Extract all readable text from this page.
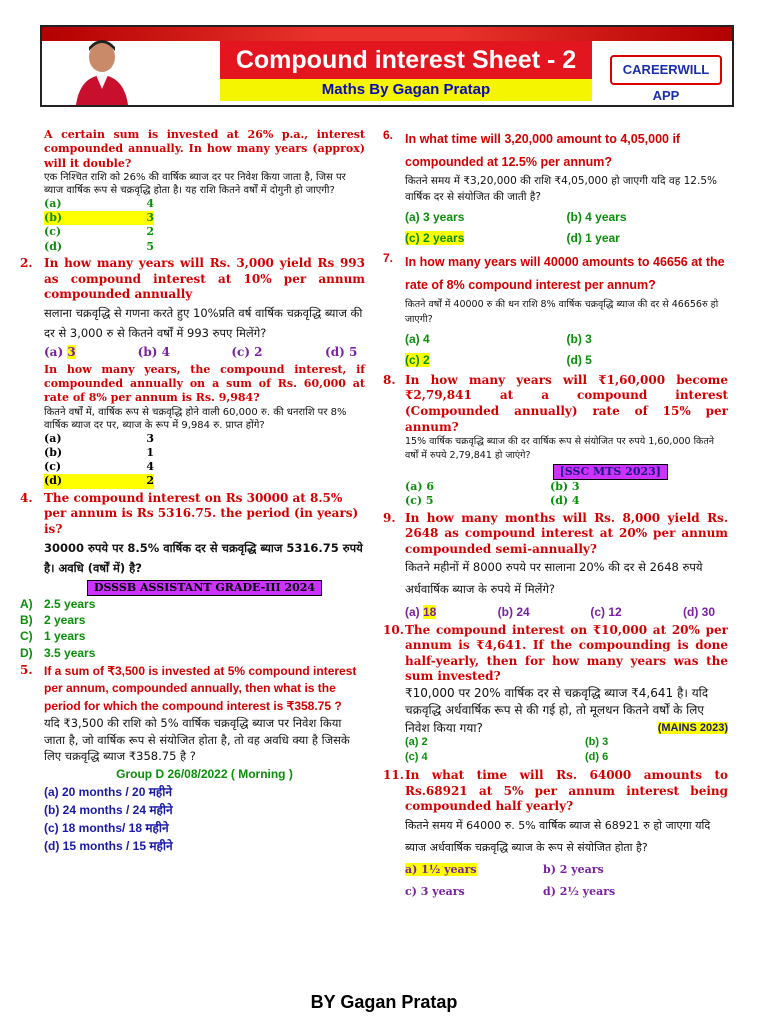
Compound interest Sheet - 2
Maths By Gagan Pratap
CAREERWILL APP
A certain sum is invested at 26% p.a., interest compounded annually. In how many years (approx) will it double?
एक निश्चित राशि को 26% की वार्षिक ब्याज दर पर निवेश किया जाता है, जिस पर ब्याज वार्षिक रूप से चक्रवृद्धि होता है। यह राशि कितने वर्षों में दोगुनी हो जाएगी?
(a)	4
(b)	3
(c)	2
(d)	5
2. In how many years will Rs. 3,000 yield Rs 993 as compound interest at 10% per annum compounded annually
सलाना चक्रवृद्धि से गणना करते हुए 10%प्रति वर्ष वार्षिक चक्रवृद्धि ब्याज की दर से 3,000 रु से कितने वर्षों में 993 रुपए मिलेंगे?
(a) 3	(b) 4	(c) 2	(d) 5
In how many years, the compound interest, if compounded annually on a sum of Rs. 60,000 at rate of 8% per annum is Rs. 9,984?
कितने वर्षों में, वार्षिक रूप से चक्रवृद्धि होने वाली 60,000 रु. की धनराशि पर 8% वार्षिक ब्याज दर पर, ब्याज के रूप में 9,984 रु. प्राप्त होंगे?
(a)	3
(b)	1
(c)	4
(d)	2
4. The compound interest on Rs 30000 at 8.5% per annum is Rs 5316.75. the period (in years) is?
30000 रुपये पर 8.5% वार्षिक दर से चक्रवृद्धि ब्याज 5316.75 रुपये है। अवधि (वर्षों में) है?
DSSSB ASSISTANT GRADE-III 2024
A) 2.5 years
B) 2 years
C) 1 years
D) 3.5 years
5. If a sum of ₹3,500 is invested at 5% compound interest per annum, compounded annually, then what is the period for which the compound interest is ₹358.75 ?
यदि ₹3,500 की राशि को 5% वार्षिक चक्रवृद्धि ब्याज पर निवेश किया जाता है, जो वार्षिक रूप से संयोजित होता है, तो वह अवधि क्या है जिसके लिए चक्रवृद्धि ब्याज ₹358.75 है ?
Group D 26/08/2022 ( Morning )
(a) 20 months / 20 महीने
(b) 24 months / 24 महीने
(c) 18 months/ 18 महीने
(d) 15 months / 15 महीने
6. In what time will 3,20,000 amount to 4,05,000 if compounded at 12.5% per annum?
कितने समय में ₹3,20,000 की राशि ₹4,05,000 हो जाएगी यदि वह 12.5% वार्षिक दर से संयोजित की जाती है?
(a) 3 years	(b) 4 years
(c) 2 years	(d) 1 year
7. In how many years will 40000 amounts to 46656 at the rate of 8% compound interest per annum?
कितने वर्षों में 40000 रु की धन राशि 8% वार्षिक चक्रवृद्धि ब्याज की दर से 46656रु हो जाएगी?
(a) 4	(b) 3
(c) 2	(d) 5
8. In how many years will ₹1,60,000 become ₹2,79,841 at a compound interest (Compounded annually) rate of 15% per annum?
15% वार्षिक चक्रवृद्धि ब्याज की दर वार्षिक रूप से संयोजित पर रुपये 1,60,000 कितने वर्षों में रुपये 2,79,841 हो जाएंगे?
[SSC MTS 2023]
(a) 6	(b) 3
(c) 5	(d) 4
9. In how many months will Rs. 8,000 yield Rs. 2648 as compound interest at 20% per annum compounded semi-annually?
कितने महीनों में 8000 रुपये पर सालाना 20% की दर से 2648 रुपये अर्धवार्षिक ब्याज के रुपये में मिलेंगे?
(a) 18	(b) 24	(c) 12	(d) 30
10. The compound interest on ₹10,000 at 20% per annum is ₹4,641. If the compounding is done half-yearly, then for how many years was the sum invested?
₹10,000 पर 20% वार्षिक दर से चक्रवृद्धि ब्याज ₹4,641 है। यदि चक्रवृद्धि अर्धवार्षिक रूप से की गई हो, तो मूलधन कितने वर्षों के लिए निवेश किया गया?	(MAINS 2023)
(a) 2	(b) 3
(c) 4	(d) 6
11. In what time will Rs. 64000 amounts to Rs.68921 at 5% per annum interest being compounded half yearly?
कितने समय में 64000 रु. 5% वार्षिक ब्याज से 68921 रु हो जाएगा यदि ब्याज अर्धवार्षिक चक्रवृद्धि ब्याज के रूप से संयोजित होता है?
a) 1½ years	b) 2 years
c) 3 years	d) 2½ years
BY Gagan Pratap
